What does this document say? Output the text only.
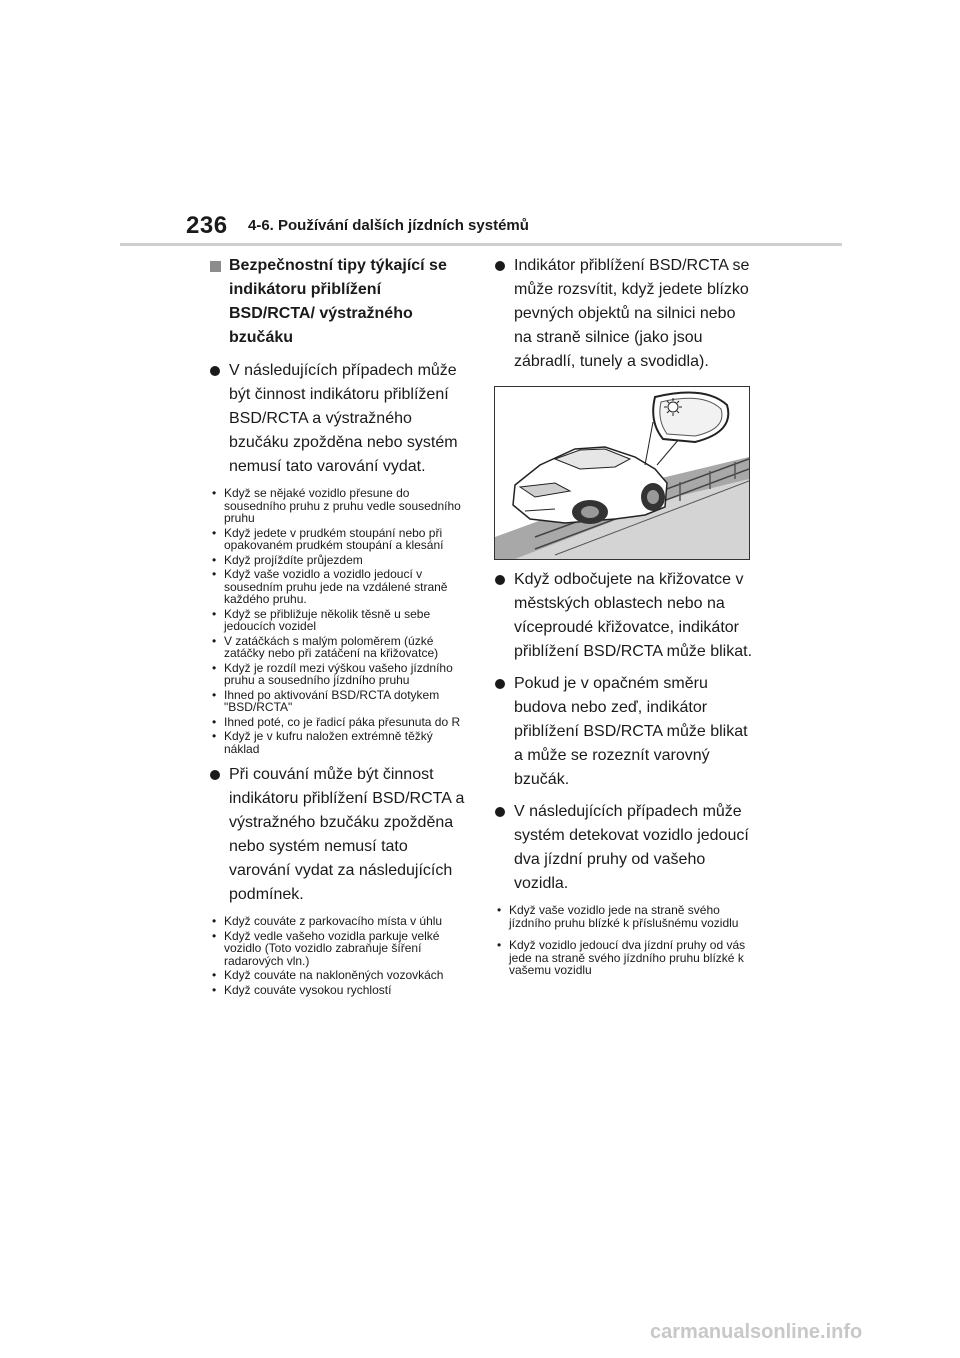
236 4-6. Používání dalších jízdních systémů
Bezpečnostní tipy týkající se indikátoru přiblížení BSD/RCTA/ výstražného bzučáku
V následujících případech může být činnost indikátoru přiblížení BSD/RCTA a výstražného bzučáku zpožděna nebo systém nemusí tato varování vydat.
• Když se nějaké vozidlo přesune do sousedního pruhu z pruhu vedle sousedního pruhu
• Když jedete v prudkém stoupání nebo při opakovaném prudkém stoupání a klesání
• Když projíždíte průjezdem
• Když vaše vozidlo a vozidlo jedoucí v sousedním pruhu jede na vzdálené straně každého pruhu.
• Když se přibližuje několik těsně u sebe jedoucích vozidel
• V zatáčkách s malým poloměrem (úzké zatáčky nebo při zatáčení na křižovatce)
• Když je rozdíl mezi výškou vašeho jízdního pruhu a sousedního jízdního pruhu
• Ihned po aktivování BSD/RCTA dotykem "BSD/RCTA"
• Ihned poté, co je řadicí páka přesunuta do R
• Když je v kufru naložen extrémně těžký náklad
Při couvání může být činnost indikátoru přiblížení BSD/RCTA a výstražného bzučáku zpožděna nebo systém nemusí tato varování vydat za následujících podmínek.
• Když couváte z parkovacího místa v úhlu
• Když vedle vašeho vozidla parkuje velké vozidlo (Toto vozidlo zabraňuje šíření radarových vln.)
• Když couváte na nakloněných vozovkách
• Když couváte vysokou rychlostí
Indikátor přiblížení BSD/RCTA se může rozsvítit, když jedete blízko pevných objektů na silnici nebo na straně silnice (jako jsou zábradlí, tunely a svodidla).
Když odbočujete na křižovatce v městských oblastech nebo na víceproudé křižovatce, indikátor přiblížení BSD/RCTA může blikat.
Pokud je v opačném směru budova nebo zeď, indikátor přiblížení BSD/RCTA může blikat a může se rozeznít varovný bzučák.
V následujících případech může systém detekovat vozidlo jedoucí dva jízdní pruhy od vašeho vozidla.
• Když vaše vozidlo jede na straně svého jízdního pruhu blízké k příslušnému vozidlu
• Když vozidlo jedoucí dva jízdní pruhy od vás jede na straně svého jízdního pruhu blízké k vašemu vozidlu
carmanualsonline.info
